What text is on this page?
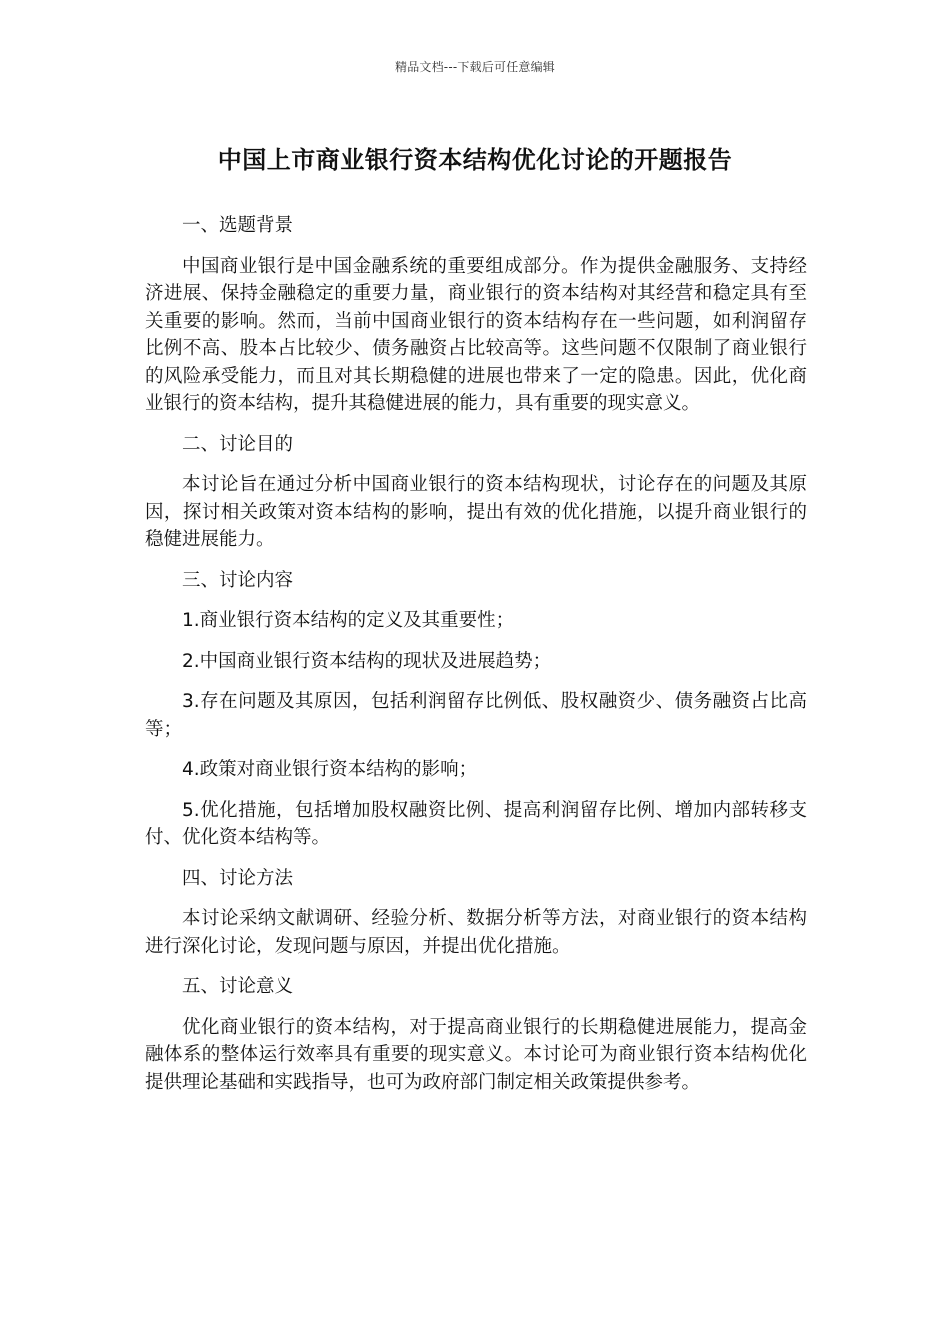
精品文档---下载后可任意编辑
中国上市商业银行资本结构优化讨论的开题报告

一、选题背景

中国商业银行是中国金融系统的重要组成部分。作为提供金融服务、支持经济进展、保持金融稳定的重要力量，商业银行的资本结构对其经营和稳定具有至关重要的影响。然而，当前中国商业银行的资本结构存在一些问题，如利润留存比例不高、股本占比较少、债务融资占比较高等。这些问题不仅限制了商业银行的风险承受能力，而且对其长期稳健的进展也带来了一定的隐患。因此，优化商业银行的资本结构，提升其稳健进展的能力，具有重要的现实意义。

二、讨论目的

本讨论旨在通过分析中国商业银行的资本结构现状，讨论存在的问题及其原因，探讨相关政策对资本结构的影响，提出有效的优化措施，以提升商业银行的稳健进展能力。

三、讨论内容

1.商业银行资本结构的定义及其重要性；

2.中国商业银行资本结构的现状及进展趋势；

3.存在问题及其原因，包括利润留存比例低、股权融资少、债务融资占比高等；

4.政策对商业银行资本结构的影响；

5.优化措施，包括增加股权融资比例、提高利润留存比例、增加内部转移支付、优化资本结构等。

四、讨论方法

本讨论采纳文献调研、经验分析、数据分析等方法，对商业银行的资本结构进行深化讨论，发现问题与原因，并提出优化措施。

五、讨论意义

优化商业银行的资本结构，对于提高商业银行的长期稳健进展能力，提高金融体系的整体运行效率具有重要的现实意义。本讨论可为商业银行资本结构优化提供理论基础和实践指导，也可为政府部门制定相关政策提供参考。
